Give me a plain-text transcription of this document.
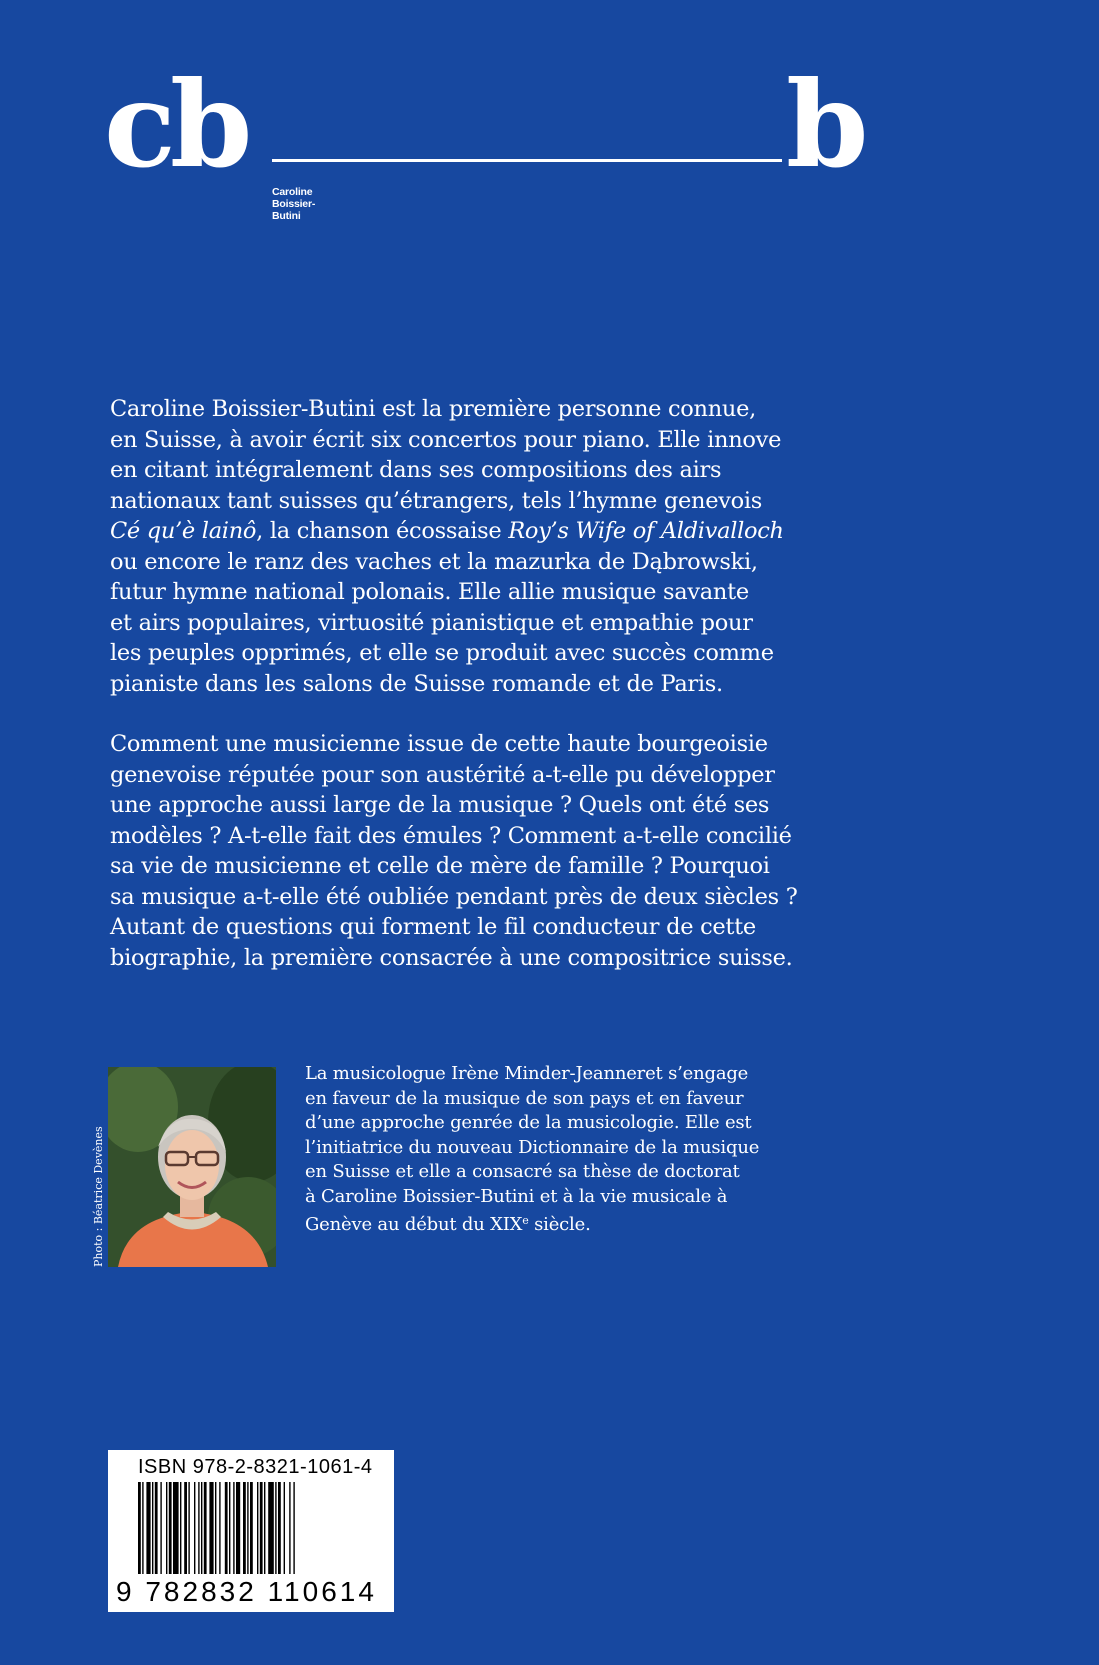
cb	b
Caroline
Boissier-
Butini

Caroline Boissier-Butini est la première personne connue,

en Suisse, à avoir écrit six concertos pour piano. Elle innove

en citant intégralement dans ses compositions des airs

nationaux tant suisses qu’étrangers, tels l’hymne genevois

Cé qu’è lainô, la chanson écossaise Roy’s Wife of Aldivalloch

ou encore le ranz des vaches et la mazurka de Dąbrowski,

futur hymne national polonais. Elle allie musique savante

et airs populaires, virtuosité pianistique et empathie pour

les peuples opprimés, et elle se produit avec succès comme

pianiste dans les salons de Suisse romande et de Paris.

Comment une musicienne issue de cette haute bourgeoisie

genevoise réputée pour son austérité a-t-elle pu développer

une approche aussi large de la musique ? Quels ont été ses

modèles ? A-t-elle fait des émules ? Comment a-t-elle concilié

sa vie de musicienne et celle de mère de famille ? Pourquoi

sa musique a-t-elle été oubliée pendant près de deux siècles ?

Autant de questions qui forment le fil conducteur de cette

biographie, la première consacrée à une compositrice suisse.

Photo : Béatrice Devènes

La musicologue Irène Minder-Jeanneret s’engage

en faveur de la musique de son pays et en faveur

d’une approche genrée de la musicologie. Elle est

l’initiatrice du nouveau Dictionnaire de la musique

en Suisse et elle a consacré sa thèse de doctorat

à Caroline Boissier-Butini et à la vie musicale à

Genève au début du XIXe siècle.

ISBN 978-2-8321-1061-4
9 782832 110614
